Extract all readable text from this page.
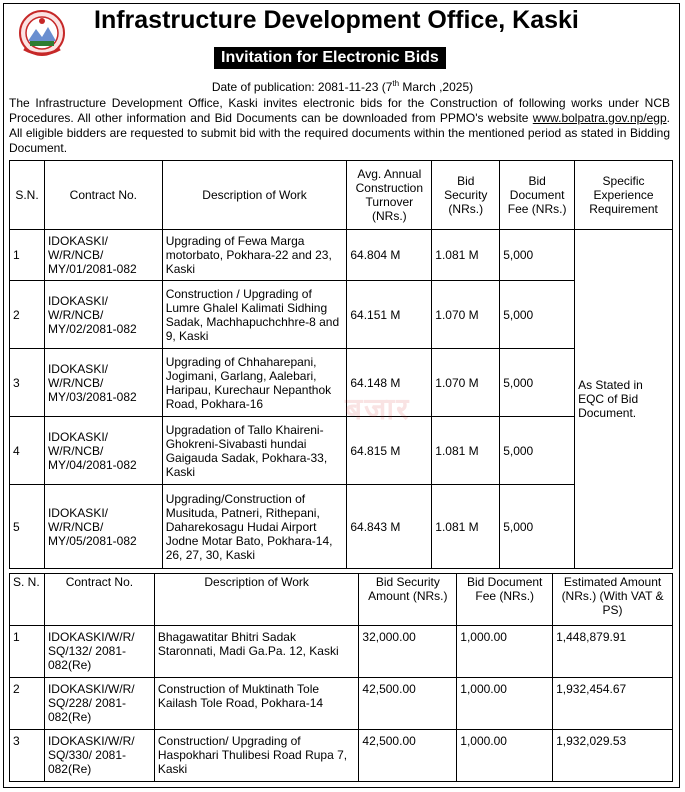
Infrastructure Development Office, Kaski
Invitation for Electronic Bids
Date of publication: 2081-11-23 (7th March ,2025)

The Infrastructure Development Office, Kaski invites electronic bids for the Construction of following works under NCB Procedures. All other information and Bid Documents can be downloaded from PPMO's website www.bolpatra.gov.np/egp. All eligible bidders are requested to submit bid with the required documents within the mentioned period as stated in Bidding Document.

S.N.	Contract No.	Description of Work	Avg. Annual Construction Turnover (NRs.)	Bid Security (NRs.)	Bid Document Fee (NRs.)	Specific Experience Requirement
1	IDOKASKI/ W/R/NCB/ MY/01/2081-082	Upgrading of Fewa Marga motorbato, Pokhara-22 and 23, Kaski	64.804 M	1.081 M	5,000	As Stated in EQC of Bid Document.
2	IDOKASKI/ W/R/NCB/ MY/02/2081-082	Construction / Upgrading of Lumre Ghalel Kalimati Sidhing Sadak, Machhapuchchhre-8 and 9, Kaski	64.151 M	1.070 M	5,000	
3	IDOKASKI/ W/R/NCB/ MY/03/2081-082	Upgrading of Chhaharepani, Jogimani, Garlang, Aalebari, Haripau, Kurechaur Nepanthok Road, Pokhara-16	64.148 M	1.070 M	5,000	
4	IDOKASKI/ W/R/NCB/ MY/04/2081-082	Upgradation of Tallo Khaireni-Ghokreni-Sivabasti hundai Gaigauda Sadak, Pokhara-33, Kaski	64.815 M	1.081 M	5,000	
5	IDOKASKI/ W/R/NCB/ MY/05/2081-082	Upgrading/Construction of Musituda, Patneri, Rithepani, Daharekosagu Hudai Airport Jodne Motar Bato, Pokhara-14, 26, 27, 30, Kaski	64.843 M	1.081 M	5,000	
S. N.	Contract No.	Description of Work	Bid Security Amount (NRs.)	Bid Document Fee (NRs.)	Estimated Amount (NRs.) (With VAT & PS)
1	IDOKASKI/W/R/ SQ/132/ 2081-082(Re)	Bhagawatitar Bhitri Sadak Staronnati, Madi Ga.Pa. 12, Kaski	32,000.00	1,000.00	1,448,879.91
2	IDOKASKI/W/R/ SQ/228/ 2081-082(Re)	Construction of Muktinath Tole Kailash Tole Road, Pokhara-14	42,500.00	1,000.00	1,932,454.67
3	IDOKASKI/W/R/ SQ/330/ 2081-082(Re)	Construction/ Upgrading of Haspokhari Thulibesi Road Rupa 7, Kaski	42,500.00	1,000.00	1,932,029.53
बजार
